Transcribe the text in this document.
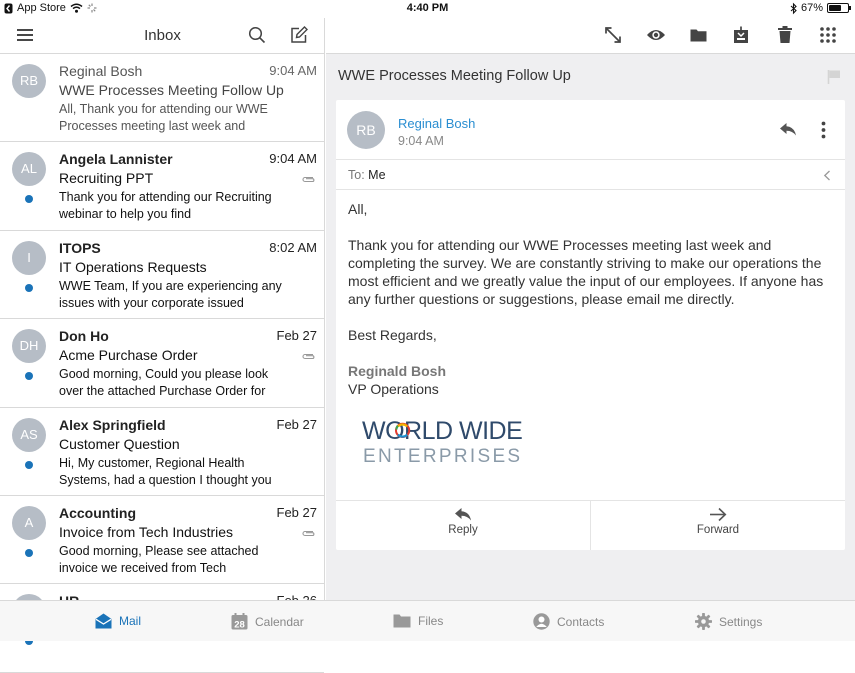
App Store	4:40 PM	67%
Inbox
RB
Reginal Bosh	9:04 AM
WWE Processes Meeting Follow Up
All, Thank you for attending our WWE Processes meeting last week and
AL
Angela Lannister	9:04 AM
Recruiting PPT
Thank you for attending our Recruiting webinar to help you find
I
ITOPS	8:02 AM
IT Operations Requests
WWE Team, If you are experiencing any issues with your corporate issued
DH
Don Ho	Feb 27
Acme Purchase Order
Good morning, Could you please look over the attached Purchase Order for
AS
Alex Springfield	Feb 27
Customer Question
Hi, My customer, Regional Health Systems, had a question I thought you
A
Accounting	Feb 27
Invoice from Tech Industries
Good morning, Please see attached invoice we received from Tech
WWE Processes Meeting Follow Up
RB	Reginal Bosh
9:04 AM
To: Me

All,

Thank you for attending our WWE Processes meeting last week and completing the survey. We are constantly striving to make our operations the most efficient and we greatly value the input of our employees. If anyone has any further questions or suggestions, please email me directly.

Best Regards,

Reginald Bosh
VP Operations
WORLD WIDE
ENTERPRISES
Reply	Forward
Mail	28 Calendar	Files	Contacts	Settings
